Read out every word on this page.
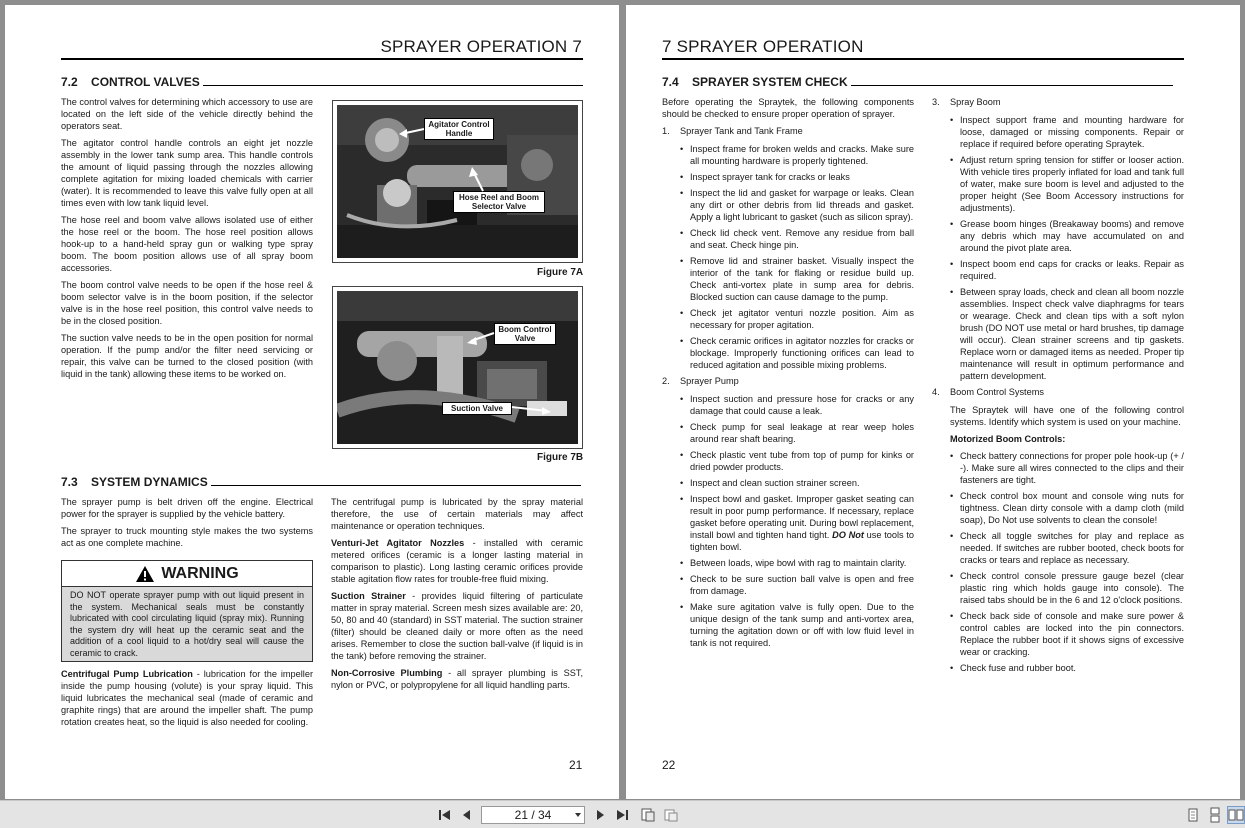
SPRAYER OPERATION 7
7.2 CONTROL VALVES

The control valves for determining which accessory to use are located on the left side of the vehicle directly behind the operators seat.

The agitator control handle controls an eight jet nozzle assembly in the lower tank sump area. This handle controls the amount of liquid passing through the nozzles allowing complete agitation for mixing loaded chemicals with carrier (water). It is recommended to leave this valve fully open at all times even with low tank liquid level.

The hose reel and boom valve allows isolated use of either the hose reel or the boom. The hose reel position allows hook-up to a hand-held spray gun or walking type spray boom. The boom position allows use of all spray boom accessories.

The boom control valve needs to be open if the hose reel & boom selector valve is in the boom position, if the selector valve is in the hose reel position, this control valve needs to be in the closed position.

The suction valve needs to be in the open position for normal operation. If the pump and/or the filter need servicing or repair, this valve can be turned to the closed position (with liquid in the tank) allowing these items to be worked on.

Agitator Control Handle
Hose Reel and Boom Selector Valve
Figure 7A
Boom Control Valve
Suction Valve
Figure 7B
7.3 SYSTEM DYNAMICS

The sprayer pump is belt driven off the engine. Electrical power for the sprayer is supplied by the vehicle battery.

The sprayer to truck mounting style makes the two systems act as one complete machine.

WARNING
DO NOT operate sprayer pump with out liquid present in the system. Mechanical seals must be constantly lubricated with cool circulating liquid (spray mix). Running the system dry will heat up the ceramic seat and the addition of a cool liquid to a hot/dry seal will cause the ceramic to crack.
Centrifugal Pump Lubrication - lubrication for the impeller inside the pump housing (volute) is your spray liquid. This liquid lubricates the mechanical seal (made of ceramic and graphite rings) that are around the impeller shaft. The pump rotation creates heat, so the liquid is also needed for cooling.

The centrifugal pump is lubricated by the spray material therefore, the use of certain materials may affect maintenance or operation techniques.

Venturi-Jet Agitator Nozzles - installed with ceramic metered orifices (ceramic is a longer lasting material in comparison to plastic). Long lasting ceramic orifices provide stable agitation flow rates for trouble-free fluid mixing.

Suction Strainer - provides liquid filtering of particulate matter in spray material. Screen mesh sizes available are: 20, 50, 80 and 40 (standard) in SST material. The suction strainer (filter) should be cleaned daily or more often as the need arises. Remember to close the suction ball-valve (if liquid is in the tank) before removing the strainer.

Non-Corrosive Plumbing - all sprayer plumbing is SST, nylon or PVC, or polypropylene for all liquid handling parts.

21
7 SPRAYER OPERATION
7.4 SPRAYER SYSTEM CHECK

Before operating the Spraytek, the following components should be checked to ensure proper operation of sprayer.

1. Sprayer Tank and Tank Frame
• Inspect frame for broken welds and cracks. Make sure all mounting hardware is properly tightened.
• Inspect sprayer tank for cracks or leaks
• Inspect the lid and gasket for warpage or leaks. Clean any dirt or other debris from lid threads and gasket. Apply a light lubricant to gasket (such as silicon spray).
• Check lid check vent. Remove any residue from ball and seat. Check hinge pin.
• Remove lid and strainer basket. Visually inspect the interior of the tank for flaking or residue build up. Check anti-vortex plate in sump area for debris. Blocked suction can cause damage to the pump.
• Check jet agitator venturi nozzle position. Aim as necessary for proper agitation.
• Check ceramic orifices in agitator nozzles for cracks or blockage. Improperly functioning orifices can lead to reduced agitation and possible mixing problems.
2. Sprayer Pump
• Inspect suction and pressure hose for cracks or any damage that could cause a leak.
• Check pump for seal leakage at rear weep holes around rear shaft bearing.
• Check plastic vent tube from top of pump for kinks or dried powder products.
• Inspect and clean suction strainer screen.
• Inspect bowl and gasket. Improper gasket seating can result in poor pump performance. If necessary, replace gasket before operating unit. During bowl replacement, install bowl and tighten hand tight. DO Not use tools to tighten bowl.
• Between loads, wipe bowl with rag to maintain clarity.
• Check to be sure suction ball valve is open and free from damage.
• Make sure agitation valve is fully open. Due to the unique design of the tank sump and anti-vortex area, turning the agitation down or off with low fluid level in tank is not required.
3. Spray Boom
• Inspect support frame and mounting hardware for loose, damaged or missing components. Repair or replace if required before operating Spraytek.
• Adjust return spring tension for stiffer or looser action. With vehicle tires properly inflated for load and tank full of water, make sure boom is level and adjusted to the proper height (See Boom Accessory instructions for adjustments).
• Grease boom hinges (Breakaway booms) and remove any debris which may have accumulated on and around the pivot plate area.
• Inspect boom end caps for cracks or leaks. Repair as required.
• Between spray loads, check and clean all boom nozzle assemblies. Inspect check valve diaphragms for tears or wearage. Check and clean tips with a soft nylon brush (DO NOT use metal or hard brushes, tip damage will occur). Clean strainer screens and tip gaskets. Replace worn or damaged items as needed. Proper tip maintenance will result in optimum performance and pattern development.
4. Boom Control Systems

The Spraytek will have one of the following control systems. Identify which system is used on your machine.

Motorized Boom Controls:

• Check battery connections for proper pole hook-up (+ / -). Make sure all wires connected to the clips and their fasteners are tight.
• Check control box mount and console wing nuts for tightness. Clean dirty console with a damp cloth (mild soap), Do Not use solvents to clean the console!
• Check all toggle switches for play and replace as needed. If switches are rubber booted, check boots for cracks or tears and replace as necessary.
• Check control console pressure gauge bezel (clear plastic ring which holds gauge into console). The raised tabs should be in the 6 and 12 o'clock positions.
• Check back side of console and make sure power & control cables are locked into the pin connectors. Replace the rubber boot if it shows signs of excessive wear or cracking.
• Check fuse and rubber boot.
22
21 / 34
